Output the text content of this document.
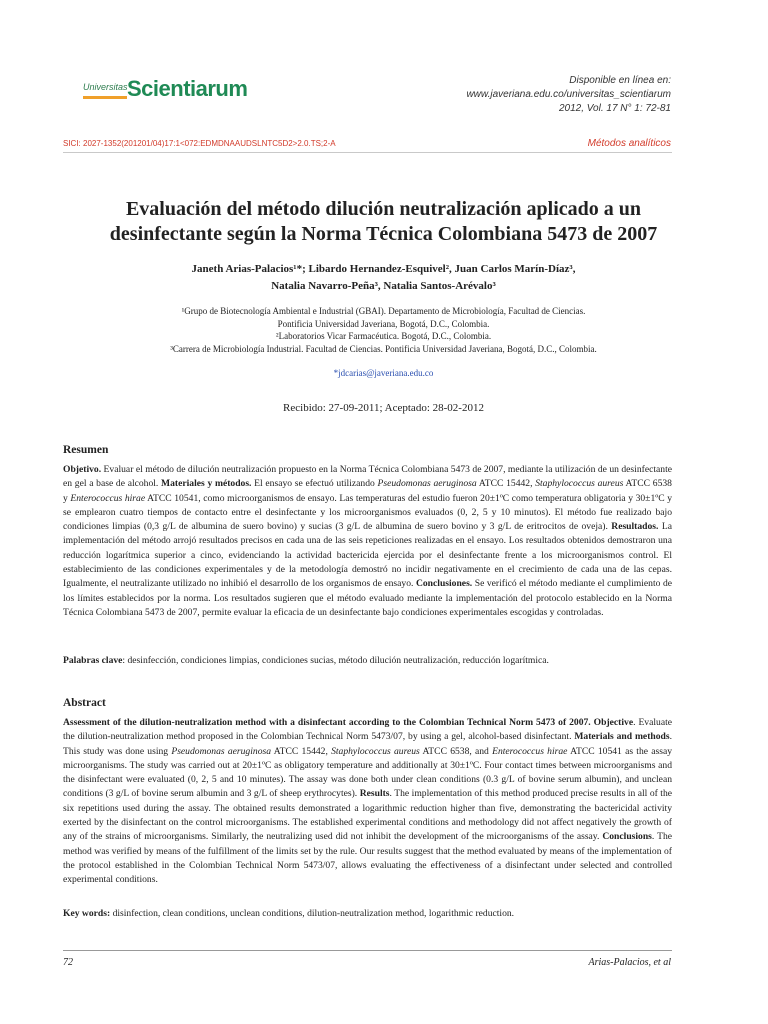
Universitas Scientiarum	Disponible en línea en:
www.javeriana.edu.co/universitas_scientiarum
2012, Vol. 17 N° 1: 72-81
SICI: 2027-1352(201201/04)17:1<072:EDMDNAAUDSLNTC5D2>2.0.TS;2-A	Métodos analíticos
Evaluación del método dilución neutralización aplicado a un
desinfectante según la Norma Técnica Colombiana 5473 de 2007
Janeth Arias-Palacios¹*; Libardo Hernandez-Esquivel², Juan Carlos Marín-Díaz³,
Natalia Navarro-Peña³, Natalia Santos-Arévalo³
¹Grupo de Biotecnología Ambiental e Industrial (GBAI). Departamento de Microbiología, Facultad de Ciencias.
Pontificia Universidad Javeriana, Bogotá, D.C., Colombia.
²Laboratorios Vicar Farmacéutica. Bogotá, D.C., Colombia.
³Carrera de Microbiología Industrial. Facultad de Ciencias. Pontificia Universidad Javeriana, Bogotá, D.C., Colombia.
*jdcarias@javeriana.edu.co
Recibido: 27-09-2011; Aceptado: 28-02-2012
Resumen
Objetivo. Evaluar el método de dilución neutralización propuesto en la Norma Técnica Colombiana 5473 de 2007, mediante la utilización de un desinfectante en gel a base de alcohol. Materiales y métodos. El ensayo se efectuó utilizando Pseudomonas aeruginosa ATCC 15442, Staphylococcus aureus ATCC 6538 y Enterococcus hirae ATCC 10541, como microorganismos de ensayo. Las temperaturas del estudio fueron 20±1ºC como temperatura obligatoria y 30±1ºC y se emplearon cuatro tiempos de contacto entre el desinfectante y los microorganismos evaluados (0, 2, 5 y 10 minutos). El método fue realizado bajo condiciones limpias (0,3 g/L de albumina de suero bovino) y sucias (3 g/L de albumina de suero bovino y 3 g/L de eritrocitos de oveja). Resultados. La implementación del método arrojó resultados precisos en cada una de las seis repeticiones realizadas en el ensayo. Los resultados obtenidos demostraron una reducción logarítmica superior a cinco, evidenciando la actividad bactericida ejercida por el desinfectante frente a los microorganismos control. El establecimiento de las condiciones experimentales y de la metodología demostró no incidir negativamente en el crecimiento de cada una de las cepas. Igualmente, el neutralizante utilizado no inhibió el desarrollo de los organismos de ensayo. Conclusiones. Se verificó el método mediante el cumplimiento de los límites establecidos por la norma. Los resultados sugieren que el método evaluado mediante la implementación del protocolo establecido en la Norma Técnica Colombiana 5473 de 2007, permite evaluar la eficacia de un desinfectante bajo condiciones experimentales escogidas y controladas.
Palabras clave: desinfección, condiciones limpias, condiciones sucias, método dilución neutralización, reducción logarítmica.
Abstract
Assessment of the dilution-neutralization method with a disinfectant according to the Colombian Technical Norm 5473 of 2007. Objective. Evaluate the dilution-neutralization method proposed in the Colombian Technical Norm 5473/07, by using a gel, alcohol-based disinfectant. Materials and methods. This study was done using Pseudomonas aeruginosa ATCC 15442, Staphylococcus aureus ATCC 6538, and Enterococcus hirae ATCC 10541 as the assay microorganisms. The study was carried out at 20±1ºC as obligatory temperature and additionally at 30±1ºC. Four contact times between microorganisms and the disinfectant were evaluated (0, 2, 5 and 10 minutes). The assay was done both under clean conditions (0.3 g/L of bovine serum albumin), and unclean conditions (3 g/L of bovine serum albumin and 3 g/L of sheep erythrocytes). Results. The implementation of this method produced precise results in all of the six repetitions used during the assay. The obtained results demonstrated a logarithmic reduction higher than five, demonstrating the bactericidal activity exerted by the disinfectant on the control microorganisms. The established experimental conditions and methodology did not affect negatively the growth of any of the strains of microorganisms. Similarly, the neutralizing used did not inhibit the development of the microorganisms of the assay. Conclusions. The method was verified by means of the fulfillment of the limits set by the rule. Our results suggest that the method evaluated by means of the implementation of the protocol established in the Colombian Technical Norm 5473/07, allows evaluating the effectiveness of a disinfectant under selected and controlled experimental conditions.
Key words: disinfection, clean conditions, unclean conditions, dilution-neutralization method, logarithmic reduction.
72	Arias-Palacios, et al
